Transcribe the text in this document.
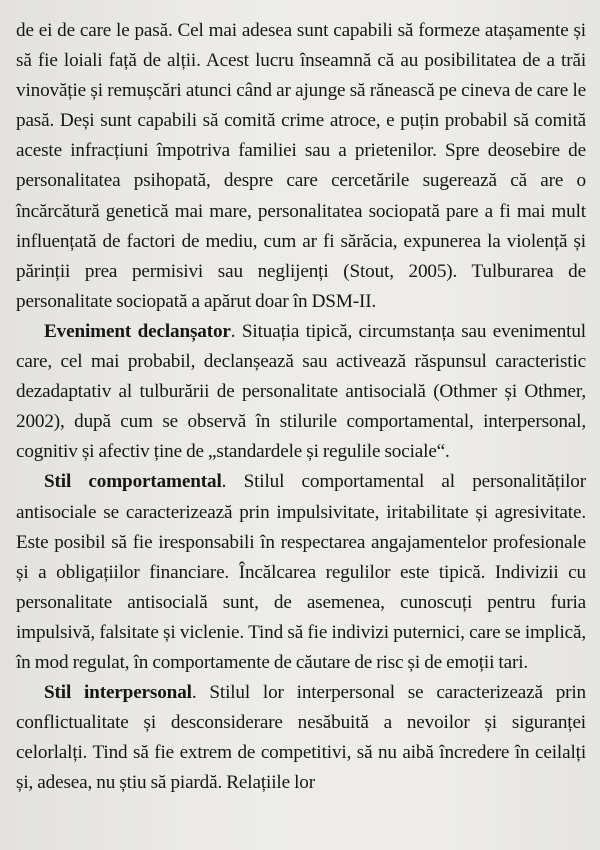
de ei de care le pasă. Cel mai adesea sunt capabili să formeze atașamente și să fie loiali față de alții. Acest lucru înseamnă că au posibilitatea de a trăi vinovăție și remușcări atunci când ar ajunge să rănească pe cineva de care le pasă. Deși sunt capabili să comită crime atroce, e puțin probabil să comită aceste infracțiuni împotriva familiei sau a prietenilor. Spre deosebire de personalitatea psihopată, despre care cercetările sugerează că are o încărcătură genetică mai mare, personalitatea sociopată pare a fi mai mult influențată de factori de mediu, cum ar fi sărăcia, expunerea la violență și părinții prea permisivi sau neglijenți (Stout, 2005). Tulburarea de personalitate sociopată a apărut doar în DSM-II.

Eveniment declanșator. Situația tipică, circumstanța sau evenimentul care, cel mai probabil, declanșează sau activează răspunsul caracteristic dezadaptativ al tulburării de personalitate antisocială (Othmer și Othmer, 2002), după cum se observă în stilurile comportamental, interpersonal, cognitiv și afectiv ține de „standardele și regulile sociale“.

Stil comportamental. Stilul comportamental al personalităților antisociale se caracterizează prin impulsivitate, iritabilitate și agresivitate. Este posibil să fie iresponsabili în respectarea angajamentelor profesionale și a obligațiilor financiare. Încălcarea regulilor este tipică. Indivizii cu personalitate antisocială sunt, de asemenea, cunoscuți pentru furia impulsivă, falsitate și viclenie. Tind să fie indivizi puternici, care se implică, în mod regulat, în comportamente de căutare de risc și de emoții tari.

Stil interpersonal. Stilul lor interpersonal se caracterizează prin conflictualitate și desconsiderare nesăbuită a nevoilor și siguranței celorlalți. Tind să fie extrem de competitivi, să nu aibă încredere în ceilalți și, adesea, nu știu să piardă. Relațiile lor
